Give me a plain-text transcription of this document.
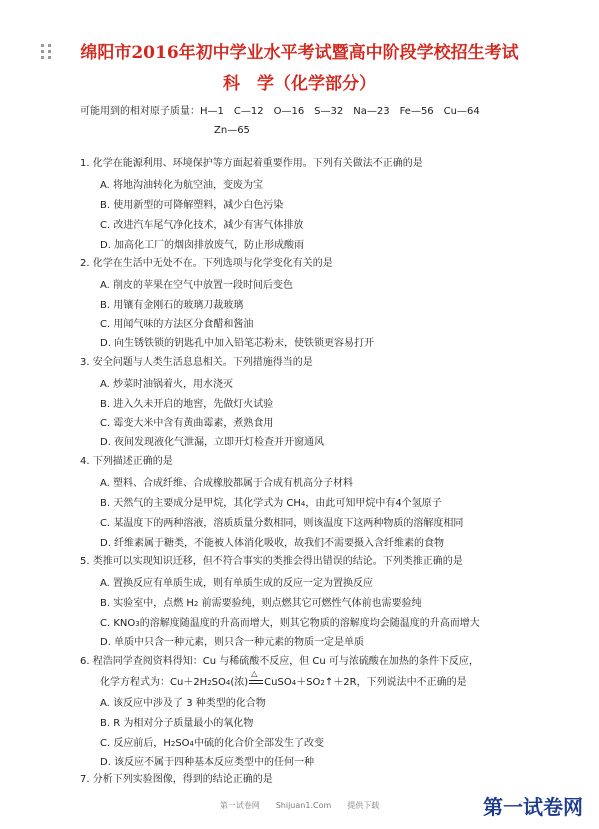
绵阳市2016年初中学业水平考试暨高中阶段学校招生考试
科　学（化学部分）
可能用到的相对原子质量：H—1　C—12　O—16　S—32　Na—23　Fe—56　Cu—64
Zn—65
1. 化学在能源利用、环境保护等方面起着重要作用。下列有关做法不正确的是
A. 将地沟油转化为航空油，变废为宝
B. 使用新型的可降解塑料，减少白色污染
C. 改进汽车尾气净化技术，减少有害气体排放
D. 加高化工厂的烟囱排放废气，防止形成酸雨
2. 化学在生活中无处不在。下列选项与化学变化有关的是
A. 削皮的苹果在空气中放置一段时间后变色
B. 用镶有金刚石的玻璃刀裁玻璃
C. 用闻气味的方法区分食醋和酱油
D. 向生锈铁锁的钥匙孔中加入铅笔芯粉末，使铁锁更容易打开
3. 安全问题与人类生活息息相关。下列措施得当的是
A. 炒菜时油锅着火，用水浇灭
B. 进入久未开启的地窖，先做灯火试验
C. 霉变大米中含有黄曲霉素，煮熟食用
D. 夜间发现液化气泄漏，立即开灯检查并开窗通风
4. 下列描述正确的是
A. 塑料、合成纤维、合成橡胶都属于合成有机高分子材料
B. 天然气的主要成分是甲烷，其化学式为 CH4，由此可知甲烷中有4个氢原子
C. 某温度下的两种溶液，溶质质量分数相同，则该温度下这两种物质的溶解度相同
D. 纤维素属于糖类，不能被人体消化吸收，故我们不需要摄入含纤维素的食物
5. 类推可以实现知识迁移，但不符合事实的类推会得出错误的结论。下列类推正确的是
A. 置换反应有单质生成，则有单质生成的反应一定为置换反应
B. 实验室中，点燃 H2 前需要验纯，则点燃其它可燃性气体前也需要验纯
C. KNO3的溶解度随温度的升高而增大，则其它物质的溶解度均会随温度的升高而增大
D. 单质中只含一种元素，则只含一种元素的物质一定是单质
6. 程浩同学查阅资料得知：Cu 与稀硫酸不反应，但 Cu 可与浓硫酸在加热的条件下反应，
化学方程式为：Cu＋2H2SO4(浓)
△
CuSO4＋SO2↑＋2R，下列说法中不正确的是
A. 该反应中涉及了 3 种类型的化合物
B. R 为相对分子质量最小的氧化物
C. 反应前后，H2SO4中硫的化合价全部发生了改变
D. 该反应不属于四种基本反应类型中的任何一种
7. 分析下列实验图像，得到的结论正确的是
第一试卷网　　Shijuan1.Com　　提供下载	第一试卷网
